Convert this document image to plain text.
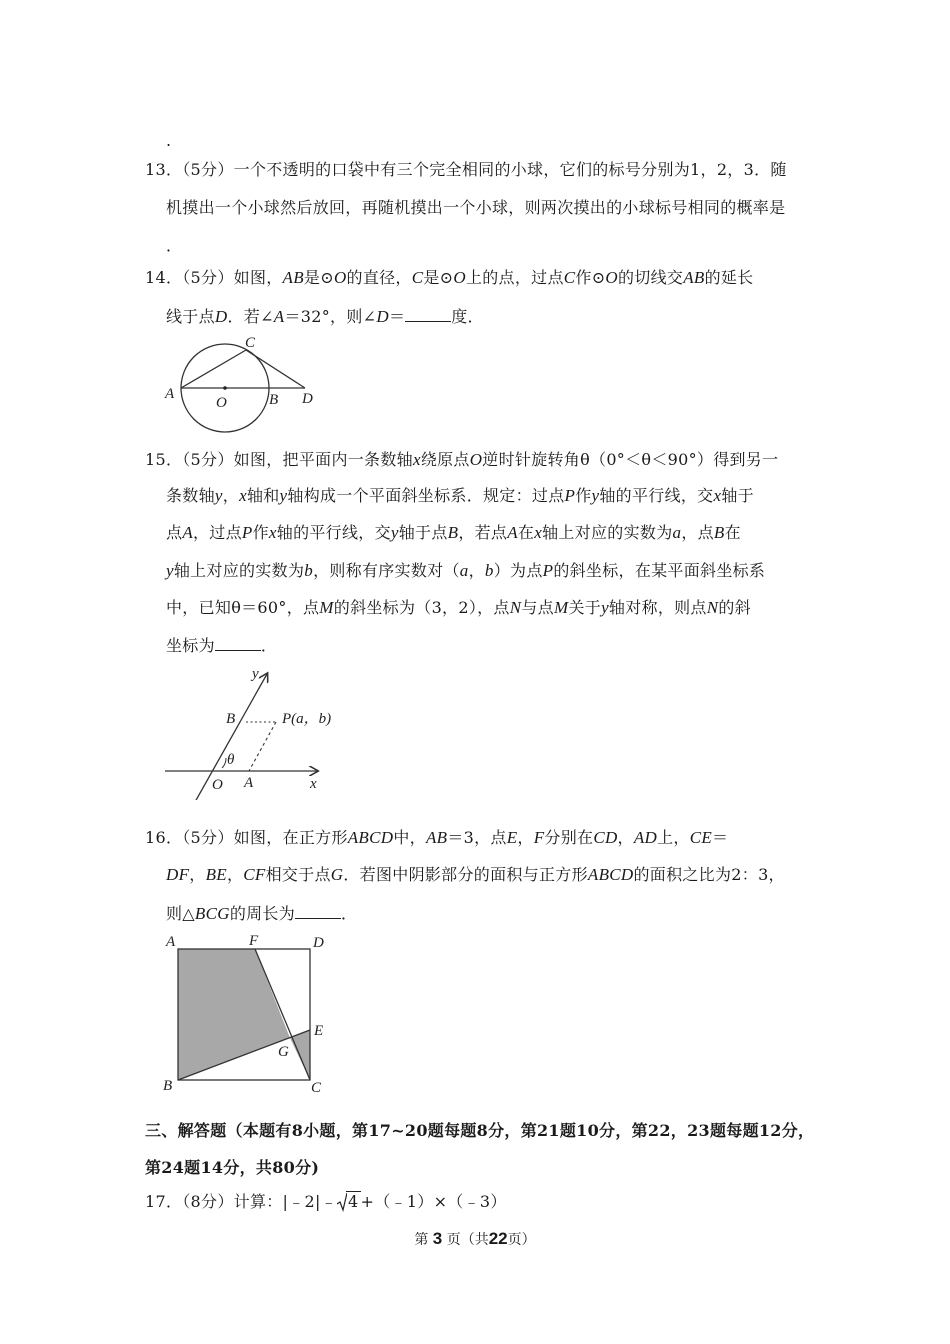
.
13．（5分）一个不透明的口袋中有三个完全相同的小球，它们的标号分别为1，2，3．随
机摸出一个小球然后放回，再随机摸出一个小球，则两次摸出的小球标号相同的概率是
．
14．（5分）如图，AB是⊙O的直径，C是⊙O上的点，过点C作⊙O的切线交AB的延长
线于点D．若∠A＝32°，则∠D＝	度．
A
O	B
C
D
15．（5分）如图，把平面内一条数轴x绕原点O逆时针旋转角θ（0°＜θ＜90°）得到另一
条数轴y，x轴和y轴构成一个平面斜坐标系．规定：过点P作y轴的平行线，交x轴于
点A，过点P作x轴的平行线，交y轴于点B，若点A在x轴上对应的实数为a，点B在
y轴上对应的实数为b，则称有序实数对（a，b）为点P的斜坐标，在某平面斜坐标系
中，已知θ＝60°，点M的斜坐标为（3，2），点N与点M关于y轴对称，则点N的斜
坐标为	．
y
B	P(a，b)
θ
O A	x
16．（5分）如图，在正方形ABCD中，AB＝3，点E，F分别在CD，AD上，CE＝
DF，BE，CF相交于点G．若图中阴影部分的面积与正方形ABCD的面积之比为2：3，
则△BCG的周长为	．
A	F	D
E
G
B	C
三、解答题（本题有8小题，第17~20题每题8分，第21题10分，第22，23题每题12分，
第24题14分，共80分)
17．（8分）计算：|﹣2|﹣ 4 +（﹣1）×（﹣3）
第 3 页（共22页）
